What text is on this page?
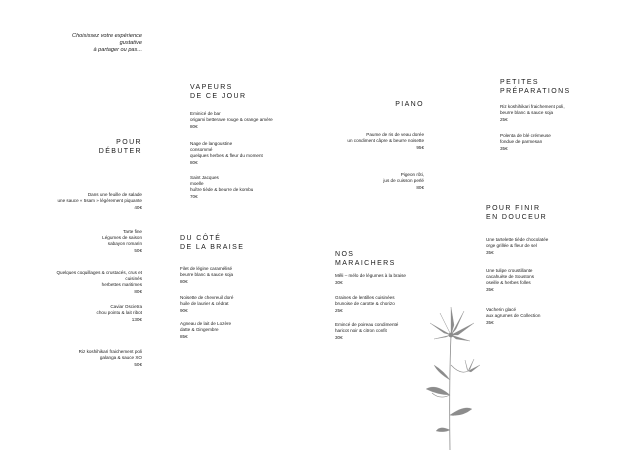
Choisissez votre expérience
gustative
à partager ou pas...
POUR
DÉBUTER
Dans une feuille de salade
une sauce « 5sam » légèrement piquante
40€
Tarte fine
Légumes de saison
sabayon romarin
50€
Quelques coquillages & crustacés, crus et
cuisinés
herbettes maritimes
80€
Caviar Oscietra
chou pointu & lait ribot
130€
Riz koshihikari fraichement poli
galanga & sauce XO
50€
VAPEURS
DE CE JOUR
Eminicé de bar
origami betterave rouge & orange amère
80€
Nage de langoustine
consommé
quelques herbes & fleur du moment
80€
Saint Jacques
moelle
huître tiède & beurre de kombu
70€
DU CÔTÉ
DE LA BRAISE
Filet de légine caramélisé
beurre blanc & sauce soja
80€
Noisette de chevreuil doré
huile de laurier & cédrat
90€
Agneau de lait de Lozère
datte & Gingembre
85€
PIANO
Paume de ris de veau dorée
un condiment câpre & beurre noisette
95€
Pigeon rôti,
jus de cuisson perlé
80€
NOS
MARAICHERS
Mêli – mélo de légumes à la braise
30€
Graines de lentilles cuisinées
brunoise de carotte & chorizo
25€
Emincé de poireau condimenté
haricot noir & citron confit
30€
PETITES
PRÉPARATIONS
Riz koshihikari fraichement poli,
beurre blanc & sauce soja
25€
Polenta de blé crémeuse
fondue de parmesan
35€
POUR FINIR
EN DOUCEUR
Une tartelette tiède chocolatée
orge grillée & fleur de sel
35€
Une tulipe croustillante
cacahuète de Soustons
oseille & herbes folles
35€
Vacherin glacé
aux agrumes de Collection
35€
